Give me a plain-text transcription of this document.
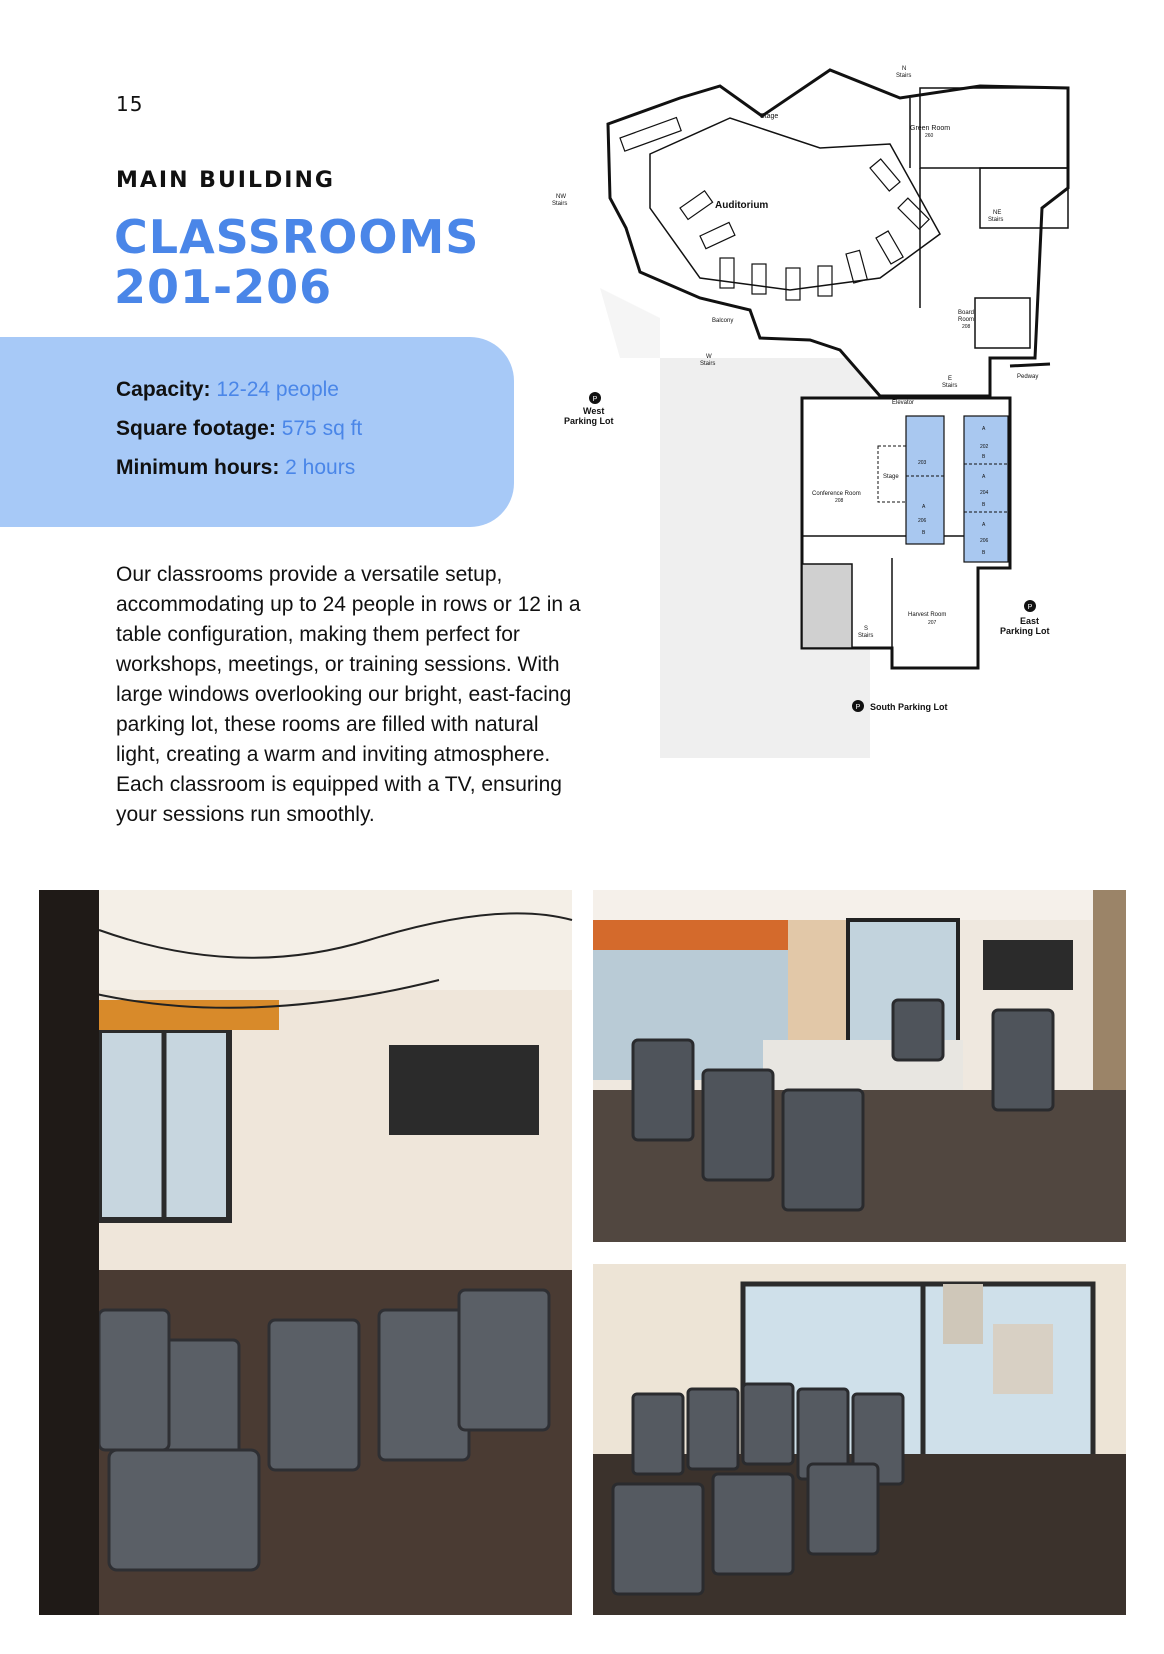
15
MAIN BUILDING
CLASSROOMS
201-206
Capacity: 12-24 people
Square footage: 575 sq ft
Minimum hours: 2 hours
Our classrooms provide a versatile setup, accommodating up to 24 people in rows or 12 in a table configuration, making them perfect for workshops, meetings, or training sessions. With large windows overlooking our bright, east-facing parking lot, these rooms are filled with natural light, creating a warm and inviting atmosphere. Each classroom is equipped with a TV, ensuring your sessions run smoothly.
P
P
P
Stage
Auditorium
Green Room
260
N
Stairs
NW
Stairs
NE
Stairs
Board
Room
208
Balcony
W
Stairs
West
Parking Lot
E
Stairs
Pedway
Elevator
Stage
Conference Room
208
203
202
204
206
206
A
B
A
B
A
B
A
B
Harvest Room
207
S
Stairs
East
Parking Lot
South Parking Lot
